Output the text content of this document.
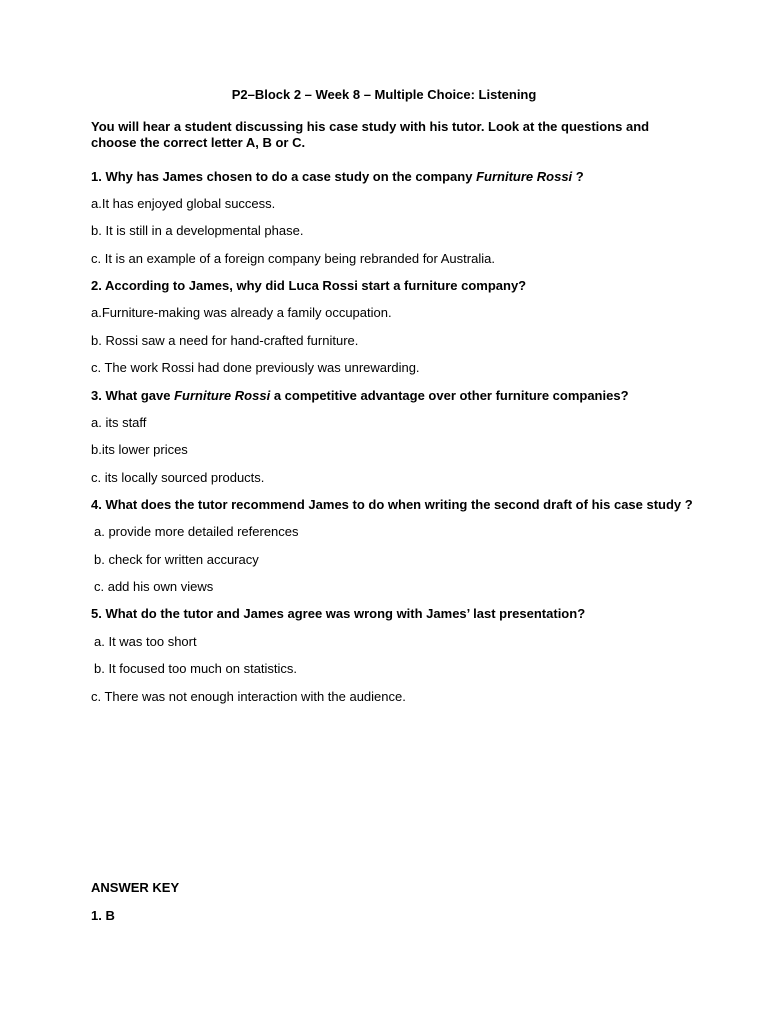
P2–Block 2 – Week 8 – Multiple Choice: Listening
You will hear a student discussing his case study with his tutor. Look at the questions and choose the correct letter A, B or C.
1. Why has James chosen to do a case study on the company Furniture Rossi ?
a.It has enjoyed global success.
b. It is still in a developmental phase.
c. It is an example of a foreign company being rebranded for Australia.
2. According to James, why did Luca Rossi start a furniture company?
a.Furniture-making was already a family occupation.
b. Rossi saw a need for hand-crafted furniture.
c. The work Rossi had done previously was unrewarding.
3. What gave Furniture Rossi a competitive advantage over other furniture companies?
a. its staff
b.its lower prices
c. its locally sourced products.
4. What does the tutor recommend James to do when writing the second draft of his case study ?
a. provide more detailed references
b. check for written accuracy
c. add his own views
5. What do the tutor and James agree was wrong with James’ last presentation?
a. It was too short
b. It focused too much on statistics.
c. There was not enough interaction with the audience.
ANSWER KEY
1. B
